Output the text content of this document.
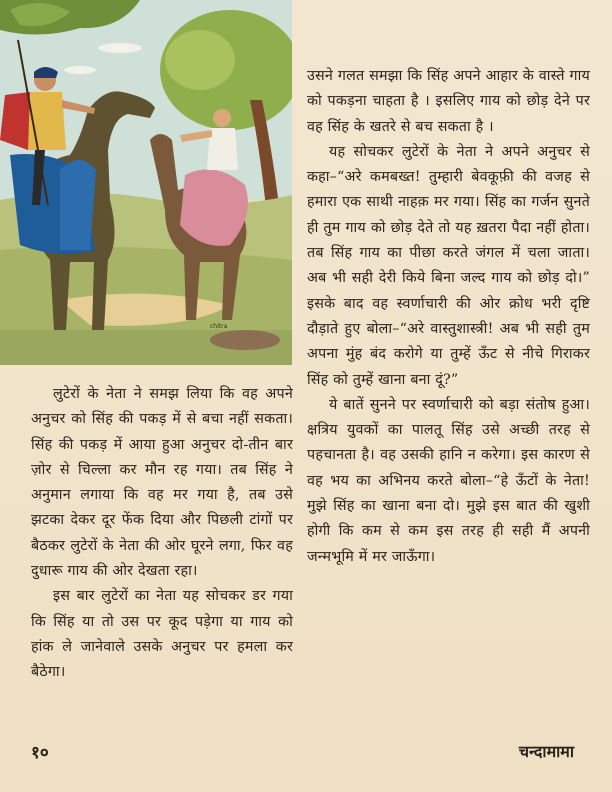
chitra

उसने गलत समझा कि सिंह अपने आहार के वास्ते गाय को पकड़ना चाहता है । इसलिए गाय को छोड़ देने पर वह सिंह के खतरे से बच सकता है ।

यह सोचकर लुटेरों के नेता ने अपने अनुचर से कहा–“अरे कमबख्त! तुम्हारी बेवकूफ़ी की वजह से हमारा एक साथी नाहक़ मर गया। सिंह का गर्जन सुनते ही तुम गाय को छोड़ देते तो यह ख़तरा पैदा नहीं होता। तब सिंह गाय का पीछा करते जंगल में चला जाता। अब भी सही देरी किये बिना जल्द गाय को छोड़ दो।” इसके बाद वह स्वर्णाचारी की ओर क्रोध भरी दृष्टि दौड़ाते हुए बोला–“अरे वास्तुशास्त्री! अब भी सही तुम अपना मुंह बंद करोगे या तुम्हें ऊँट से नीचे गिराकर सिंह को तुम्हें खाना बना दूं?”

ये बातें सुनने पर स्वर्णाचारी को बड़ा संतोष हुआ। क्षत्रिय युवकों का पालतू सिंह उसे अच्छी तरह से पहचानता है। वह उसकी हानि न करेगा। इस कारण से वह भय का अभिनय करते बोला–“हे ऊँटों के नेता! मुझे सिंह का खाना बना दो। मुझे इस बात की खुशी होगी कि कम से कम इस तरह ही सही मैं अपनी जन्मभूमि में मर जाऊँगा।

लुटेरों के नेता ने समझ लिया कि वह अपने अनुचर को सिंह की पकड़ में से बचा नहीं सकता। सिंह की पकड़ में आया हुआ अनुचर दो-तीन बार ज़ोर से चिल्ला कर मौन रह गया। तब सिंह ने अनुमान लगाया कि वह मर गया है, तब उसे झटका देकर दूर फेंक दिया और पिछली टांगों पर बैठकर लुटेरों के नेता की ओर घूरने लगा, फिर वह दुधारू गाय की ओर देखता रहा।

इस बार लुटेरों का नेता यह सोचकर डर गया कि सिंह या तो उस पर कूद पड़ेगा या गाय को हांक ले जानेवाले उसके अनुचर पर हमला कर बैठेगा।

१०	चन्दामामा
